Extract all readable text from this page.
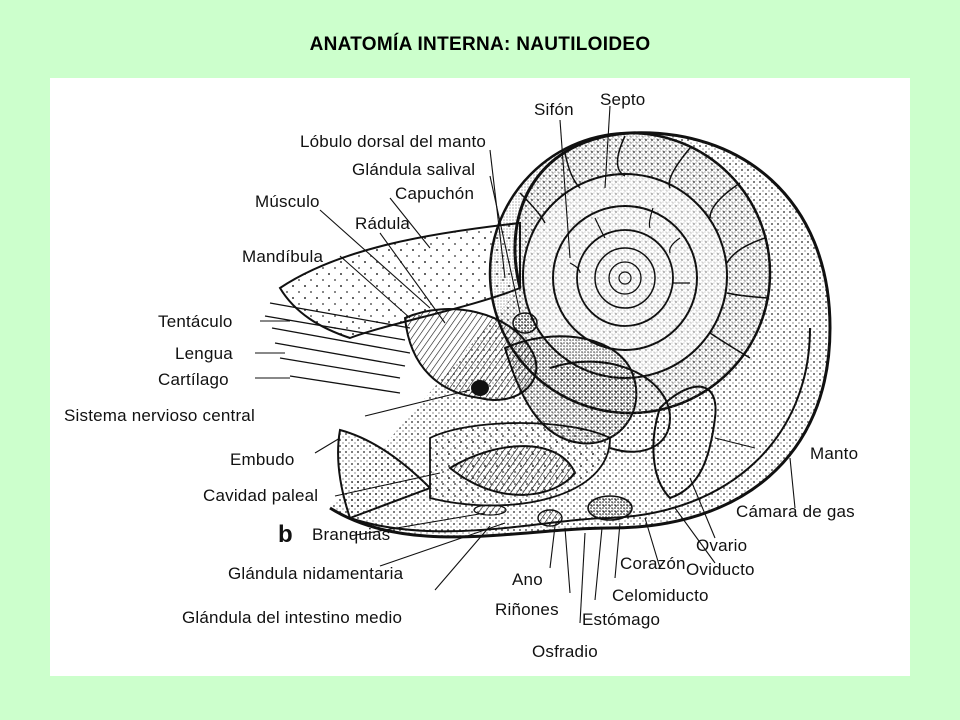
ANATOMÍA INTERNA: NAUTILOIDEO
Sifón
Septo
Lóbulo dorsal del manto
Glándula salival
Capuchón
Músculo
Rádula
Mandíbula
Tentáculo
Lengua
Cartílago
Sistema nervioso central
Embudo
Cavidad paleal
b Branquias
Glándula nidamentaria
Glándula del intestino medio
Ano
Riñones
Osfradio
Estómago
Celomiducto
Corazón Oviducto
Ovario
Cámara de gas
Manto
